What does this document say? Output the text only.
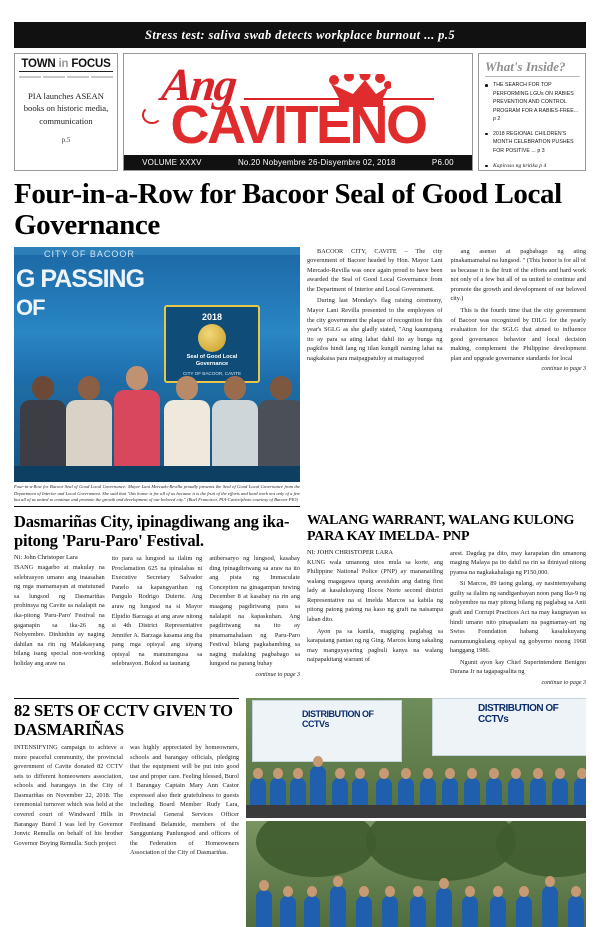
Stress test: saliva swab detects workplace burnout ... p.5
TOWN in FOCUS
PIA launches ASEAN books on historic media, communication
p.5
Ang
CAVITENO
VOLUME XXXV	No.20 Nobyembre 26-Disyembre 02, 2018	P6.00
What's Inside?
THE SEARCH FOR TOP PERFORMING LGUs ON RABIES PREVENTION AND CONTROL PROGRAM FOR A RABIES-FREE... p 2
2018 REGIONAL CHILDREN'S MONTH CELEBRATION PUSHES FOR POSITIVE ... p 3
Kapiraso ng kritika p 4
Four-in-a-Row for Bacoor Seal of Good Local Governance
CITY OF BACOOR
G PASSING
OF	2018
Seal of Good Local Governance
CITY OF BACOOR, CAVITE
Four-in-a-Row for Bacoor Seal of Good Local Governance: Mayor Lani Mercado-Revilla proudly presents the Seal of Good Local Governance from the Department of Interior and Local Government. She said that "this honor is for all of us because it is the fruit of the efforts and hard work not only of a few but all of us united to continue and promote the growth and development of our beloved city." (Buel Francisco, PIA-Cavite/photo courtesy of Bacoor PIO)

BACOOR CITY, CAVITE – The city government of Bacoor headed by Hon. Mayor Lani Mercado-Revilla was once again proud to have been awarded the Seal of Good Local Governance from the Department of Interior and Local Government.

During last Monday's flag raising ceremony, Mayor Lani Revilla presented to the employees of the city government the plaque of recognition for this year's SGLG as she gladly stated, "Ang kaunupang ito ay para sa ating lahat dahil ito ay bunga ng pagkilos hindi lang ng iilan kungdi naming lahat na nagkakaisa para maipagpatuloy at maitaguyod

ang asenso at pagbabago ng ating pinakamamahal na lungsod. " (This honor is for all of us because it is the fruit of the efforts and hard work not only of a few but all of us united to continue and promote the growth and development of our beloved city.)

This is the fourth time that the city government of Bacoor was recognized by DILG for the yearly evaluation for the SGLG that aimed to influence good governance behavior and local decision making, complement the Philippine development plan and upgrade governance standards for local

continue to page 3

Dasmariñas City, ipinagdiwang ang ika-pitong 'Paru-Paro' Festival.
Ni: John Christoper Lara

ISANG magarbo at makulay na selebrasyon umano ang inaasahan ng mga mamamayan at matutunad sa lungsod ng Dasmariñas probinsya ng Cavite sa nalalapit na ika-pitong 'Paru-Paro' Festival na gaganapin sa ika-26 ng Nobyembre. Dinhinhin ay naging dahilan na rin ng Malakasyang bilang isang special non-working holiday ang araw na

ito para sa lungsod sa ilalim ng Proclamation 625 na ipinalabas ni Executive Secretary Salvador Panelo sa kapangyarihan ng Pangulo Rodrigo Duterte. Ang araw ng lungsod na si Mayor Elpidio Barzaga at ang araw nitong si 4th District Representative Jennifer A. Barzaga kasama ang iba pang mga opisyal ang siyang opisyal na manunungusa sa selebrasyon. Bukod sa taunang

anibersaryo ng lungsod, kasabay ding ipinagdiriwang sa araw na ito ang pista ng Immaculate Conception na ginagampan tuwing December 8 at kasabay na rin ang maagang pagdiriwang para sa nalalapit na kapaskuhan. Ang pagdiriwang na ito ay pinamamahalaan ng Paru-Paro Festival bilang pagkahambing sa naging malaking pagbabago sa lungsod na parang buhay

continue to page 3

WALANG WARRANT, WALANG KULONG PARA KAY IMELDA- PNP
NI: JOHN CHRISTOPER LARA

KUNG wala umanong utos mula sa korte, ang Philippine National Police (PNP) ay mananatiling walang magagawa upang arestuhin ang dating first lady at kasalukuyang Ilocos Norte second district Representative na si Imelda Marcos sa kabila ng pitong patong patong na kaso ng graft na naisampa laban dito.

Ayon pa sa kanila, magiging paglabag sa karapatang pantao ng ng Ging. Marcos kung sakaling may manguyayaring pagbuli kanya na walang naipapakitang warrant of

arest. Dagdag pa dito, may karapatan din umanong maging Malaya pa ito dahil na rin sa ibiniyad nitong pyansa na nagkakahalaga ng P150,000.

Si Marcos, 89 taong gulang, ay nasintensyahang guilty sa ilalim ng sandiganbayan noon pang Ika-9 ng nobyembre na may pitong bilang ng paglabag sa Anti graft and Corrupt Practices Act na may kaugnayan sa hindi umano nito pinapaalam na pagmamay-ari ng Swiss Foundation habang kasalukuyang namumungkulang opisyal ng gobyerno noong 1968 hanggang 1986.

Ngunit ayon kay Chief Superintendent Benigno Durana Jr na tagapagsalita ng

continue to page 3

82 SETS OF CCTV GIVEN TO DASMARIÑAS

INTENSIFYING campaign to achieve a more peaceful community, the provincial government of Cavite donated 82 CCTV sets to different homeowners association, schools and barangays in the City of Dasmariñas on November 22, 2018. The ceremonial turnover which was held at the covered court of Windward Hills in Barangay Burol I was led by Governor Jonvic Remulla on behalf of his brother Governor Boying Remulla. Such project

was highly appreciated by homeowners, schools and barangay officials, pledging that the equipment will be put into good use and proper care. Feeling blessed, Burol I Barangay Captain Mary Ann Castor expressed also their gratefulness to guests including Board Member Rudy Lara, Provincial General Services Officer Ferdinand Belamide, members of the Sangguniang Panlungsod and officers of the Federation of Homeowners Association of the City of Dasmariñas.

DISTRIBUTION OF CCTVs
DISTRIBUTION OF CCTVs
